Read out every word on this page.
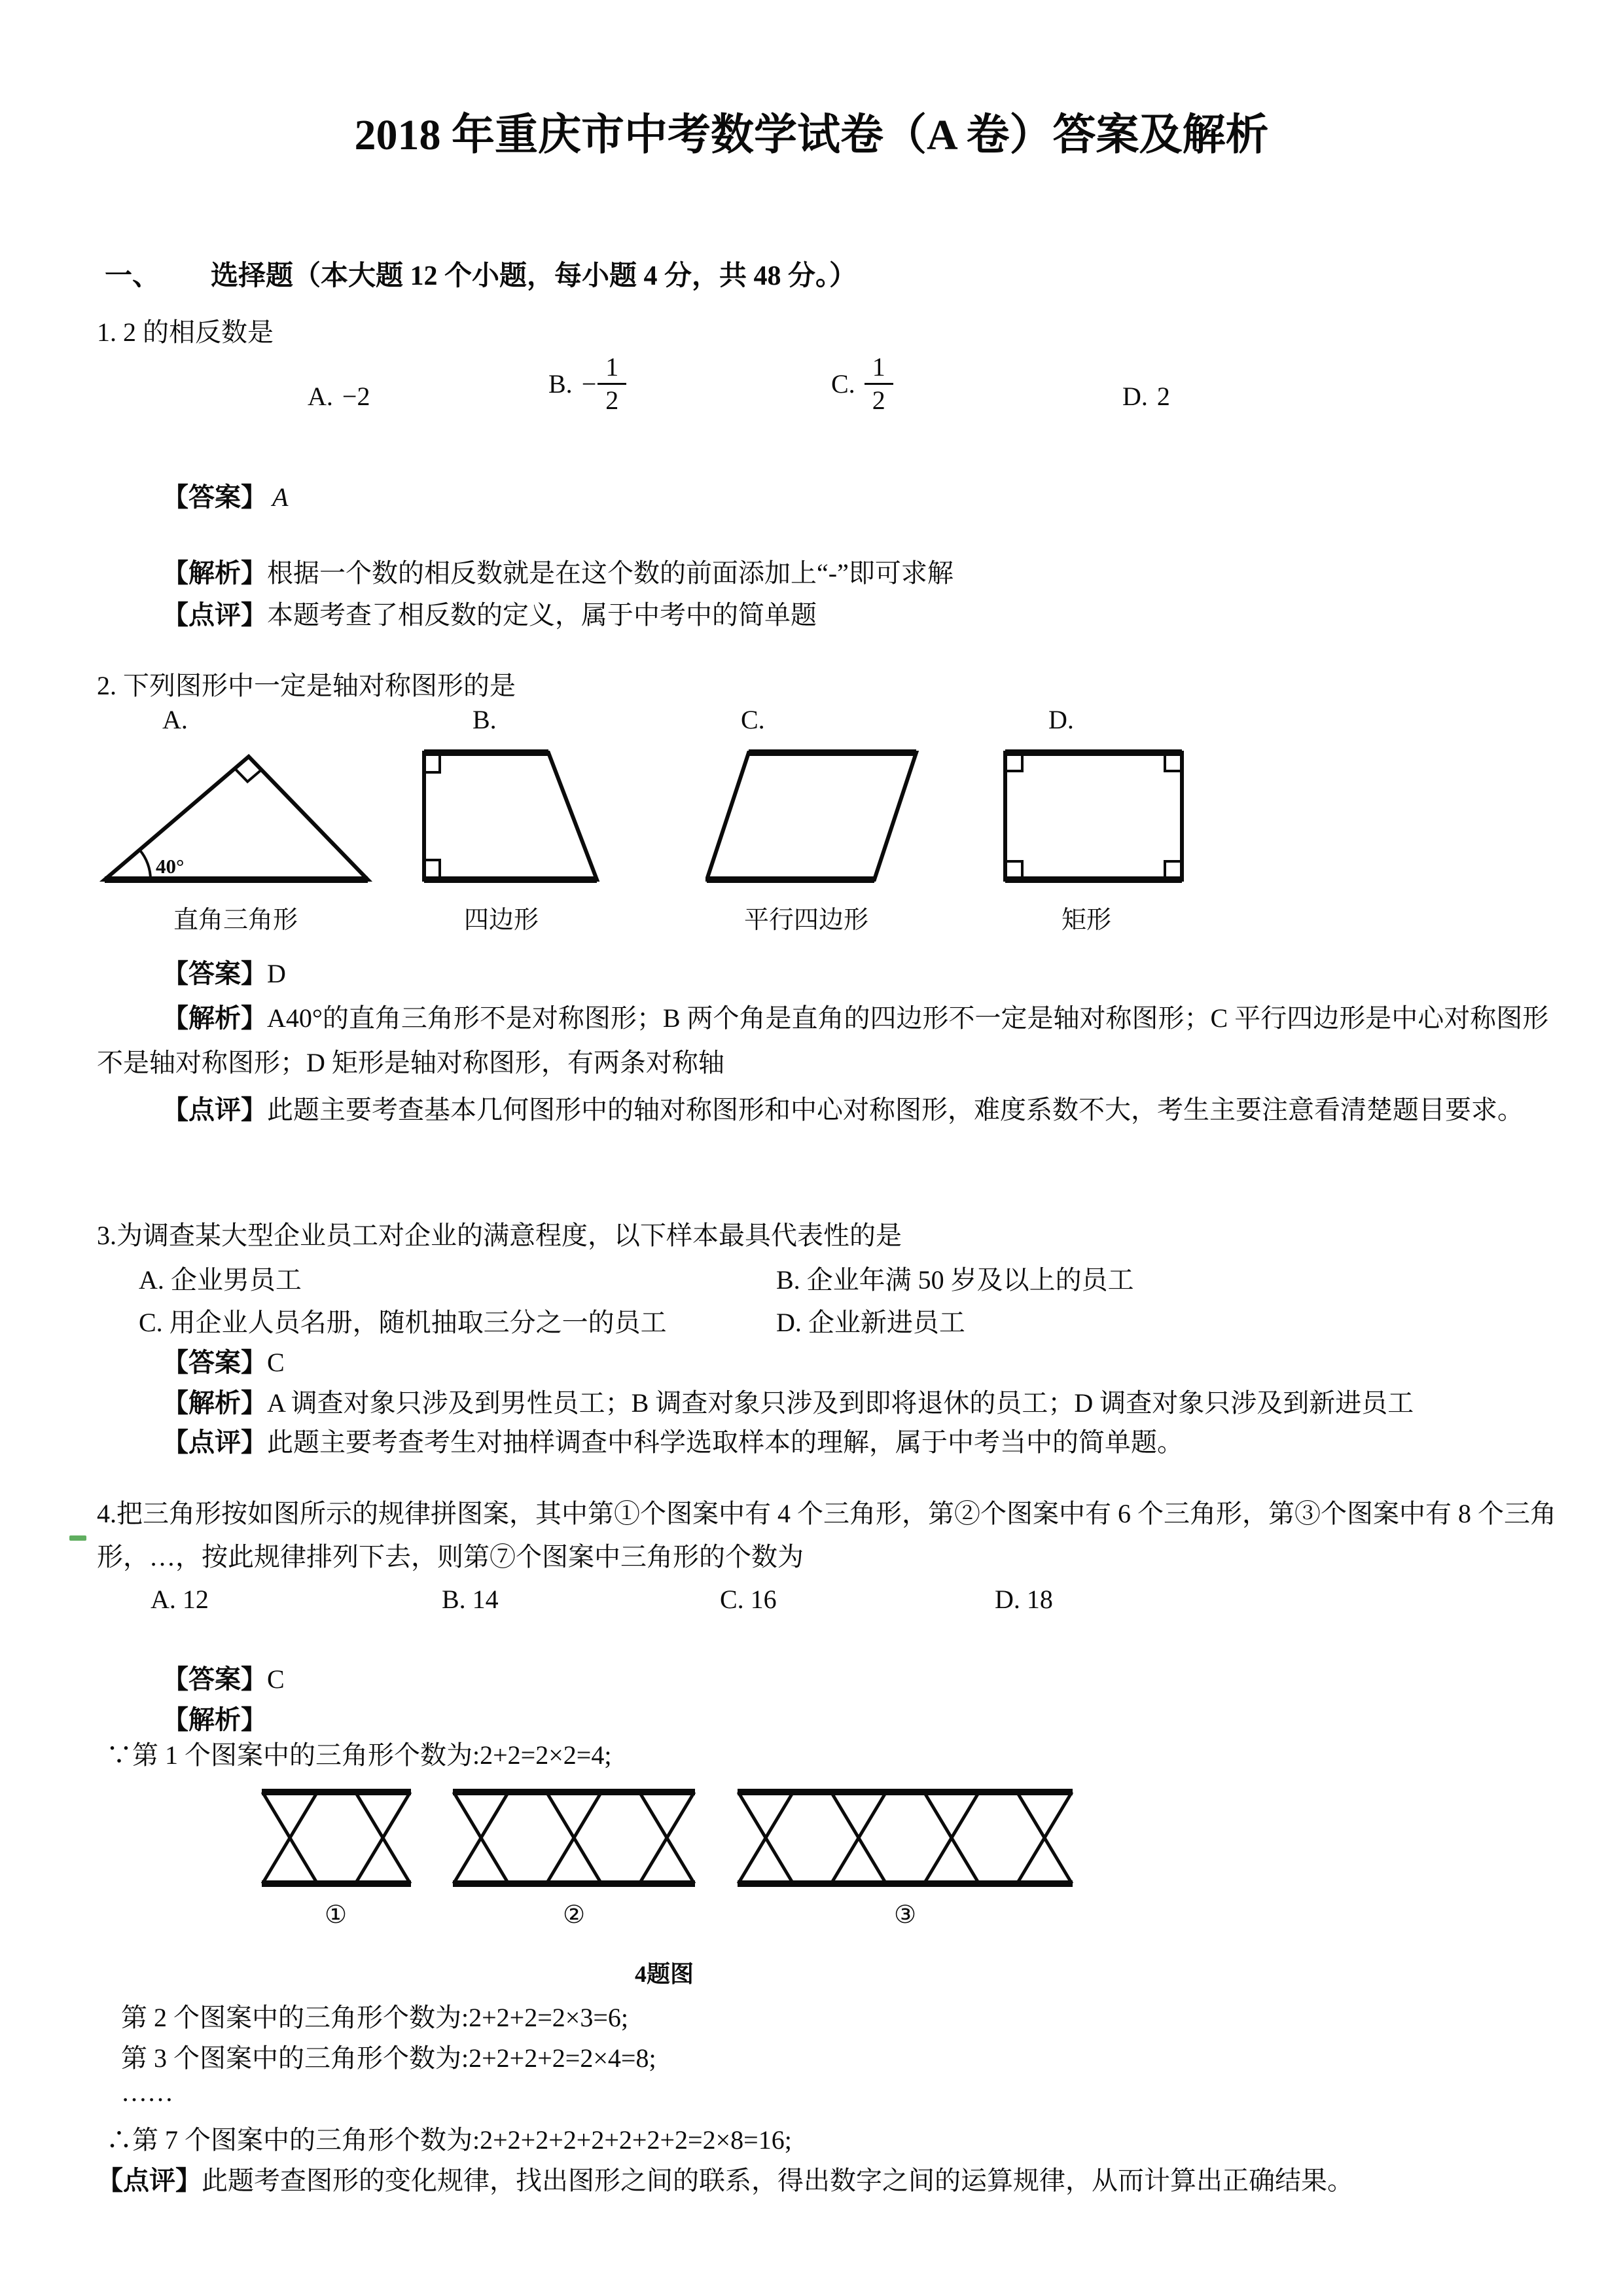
2018 年重庆市中考数学试卷（A 卷）答案及解析
一、 选择题（本大题 12 个小题，每小题 4 分，共 48 分。）
1. 2 的相反数是
A. −2	B. − $\frac{1}{2}$	C. $\frac{1}{2}$	D. 2
【答案】 A
【解析】根据一个数的相反数就是在这个数的前面添加上“-”即可求解
【点评】本题考查了相反数的定义，属于中考中的简单题
2. 下列图形中一定是轴对称图形的是
A.	B.	C.	D.
40°
直角三角形	四边形	平行四边形	矩形
【答案】D
【解析】A40°的直角三角形不是对称图形；B 两个角是直角的四边形不一定是轴对称图形；C 平行四边形是中心对称图形不是轴对称图形；D 矩形是轴对称图形，有两条对称轴
【点评】此题主要考查基本几何图形中的轴对称图形和中心对称图形，难度系数不大，考生主要注意看清楚题目要求。
3.为调查某大型企业员工对企业的满意程度，以下样本最具代表性的是
A. 企业男员工	B. 企业年满 50 岁及以上的员工
C. 用企业人员名册，随机抽取三分之一的员工	D. 企业新进员工
【答案】C
【解析】A 调查对象只涉及到男性员工；B 调查对象只涉及到即将退休的员工；D 调查对象只涉及到新进员工
【点评】此题主要考查考生对抽样调查中科学选取样本的理解，属于中考当中的简单题。
4.把三角形按如图所示的规律拼图案，其中第①个图案中有 4 个三角形，第②个图案中有 6 个三角形，第③个图案中有 8 个三角形，…，按此规律排列下去，则第⑦个图案中三角形的个数为
A. 12	B. 14	C. 16	D. 18
【答案】C
【解析】
∵第 1 个图案中的三角形个数为:2+2=2×2=4;
①	②	③
4题图
第 2 个图案中的三角形个数为:2+2+2=2×3=6;
第 3 个图案中的三角形个数为:2+2+2+2=2×4=8;
……
∴第 7 个图案中的三角形个数为:2+2+2+2+2+2+2+2=2×8=16;
【点评】此题考查图形的变化规律，找出图形之间的联系，得出数字之间的运算规律，从而计算出正确结果。
